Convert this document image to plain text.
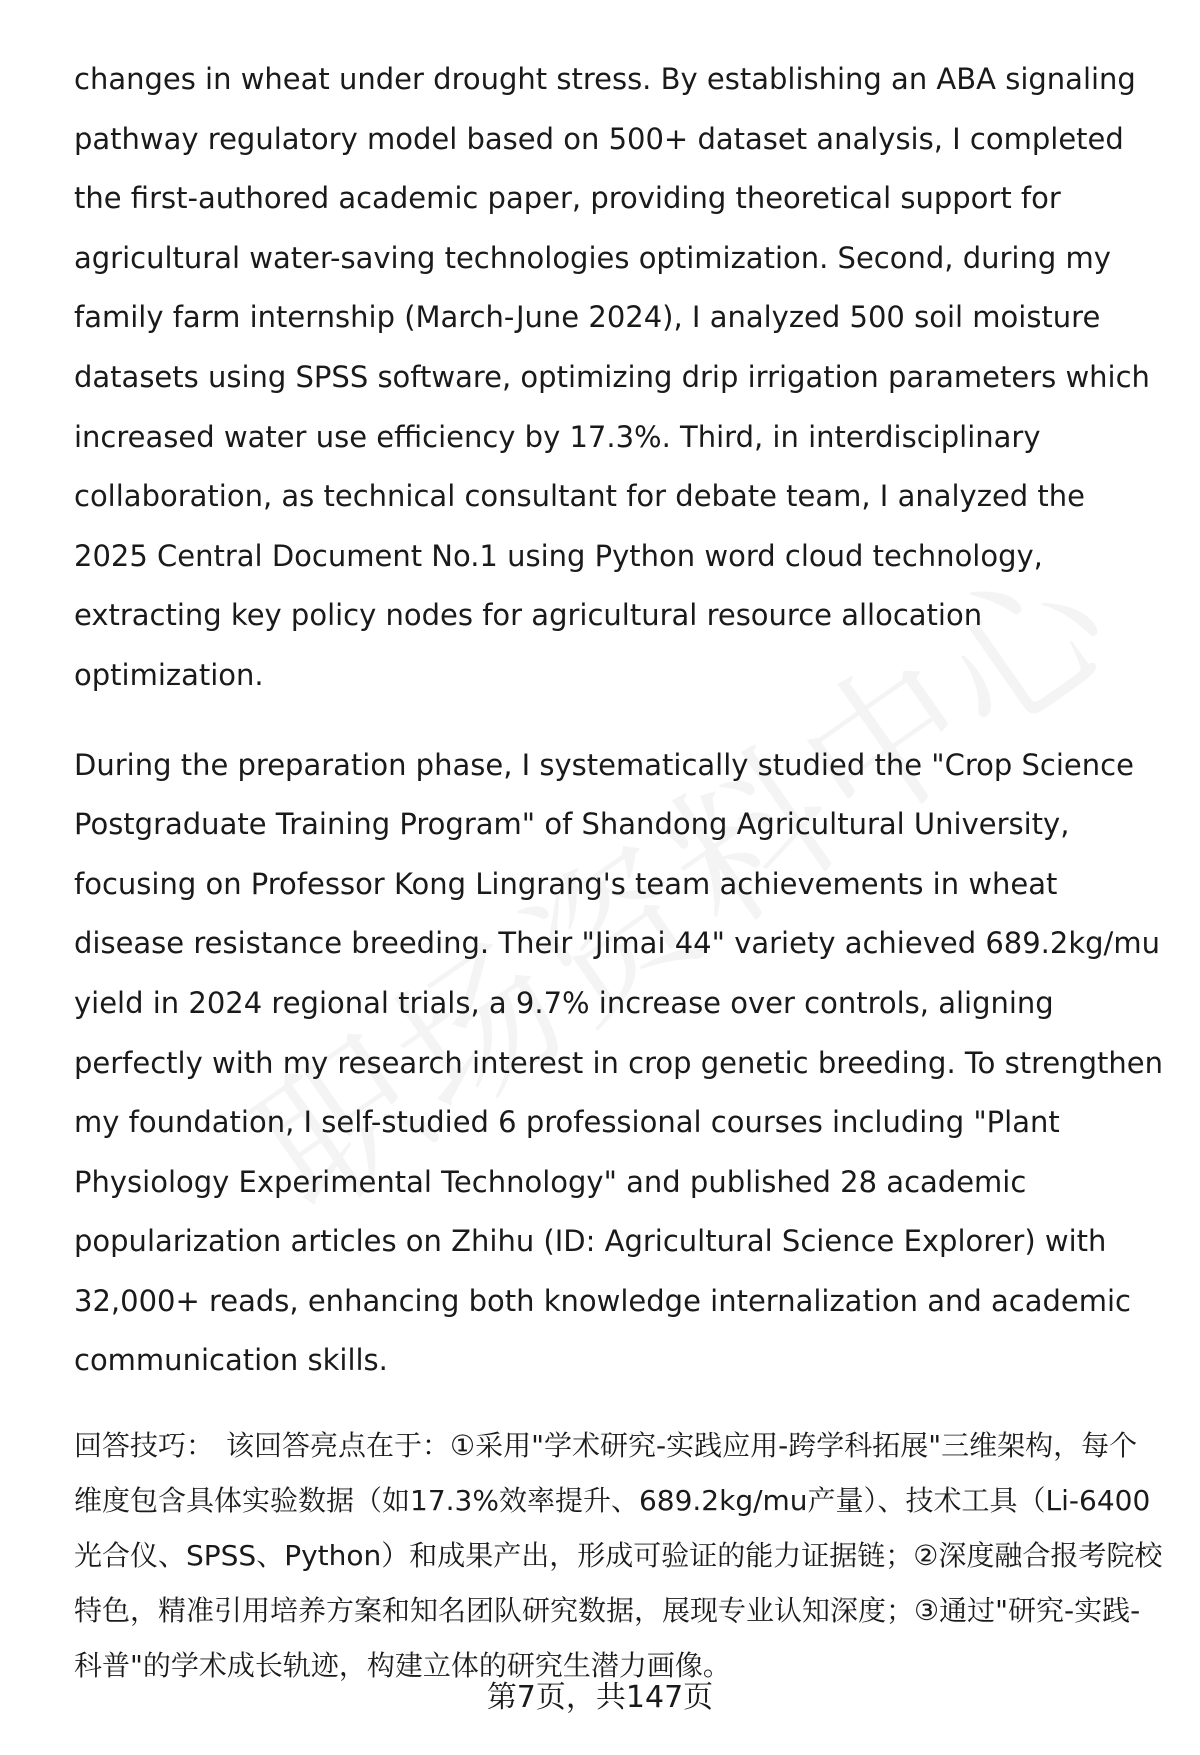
changes in wheat under drought stress. By establishing an ABA signaling pathway regulatory model based on 500+ dataset analysis, I completed the first-authored academic paper, providing theoretical support for agricultural water-saving technologies optimization. Second, during my family farm internship (March-June 2024), I analyzed 500 soil moisture datasets using SPSS software, optimizing drip irrigation parameters which increased water use efficiency by 17.3%. Third, in interdisciplinary collaboration, as technical consultant for debate team, I analyzed the 2025 Central Document No.1 using Python word cloud technology, extracting key policy nodes for agricultural resource allocation optimization.

During the preparation phase, I systematically studied the "Crop Science Postgraduate Training Program" of Shandong Agricultural University, focusing on Professor Kong Lingrang's team achievements in wheat disease resistance breeding. Their "Jimai 44" variety achieved 689.2kg/mu yield in 2024 regional trials, a 9.7% increase over controls, aligning perfectly with my research interest in crop genetic breeding. To strengthen my foundation, I self-studied 6 professional courses including "Plant Physiology Experimental Technology" and published 28 academic popularization articles on Zhihu (ID: Agricultural Science Explorer) with 32,000+ reads, enhancing both knowledge internalization and academic communication skills.

回答技巧： 该回答亮点在于：①采用"学术研究-实践应用-跨学科拓展"三维架构，每个维度包含具体实验数据（如17.3%效率提升、689.2kg/mu产量）、技术工具（Li-6400光合仪、SPSS、Python）和成果产出，形成可验证的能力证据链；②深度融合报考院校特色，精准引用培养方案和知名团队研究数据，展现专业认知深度；③通过"研究-实践-科普"的学术成长轨迹，构建立体的研究生潜力画像。
第7页，共147页
